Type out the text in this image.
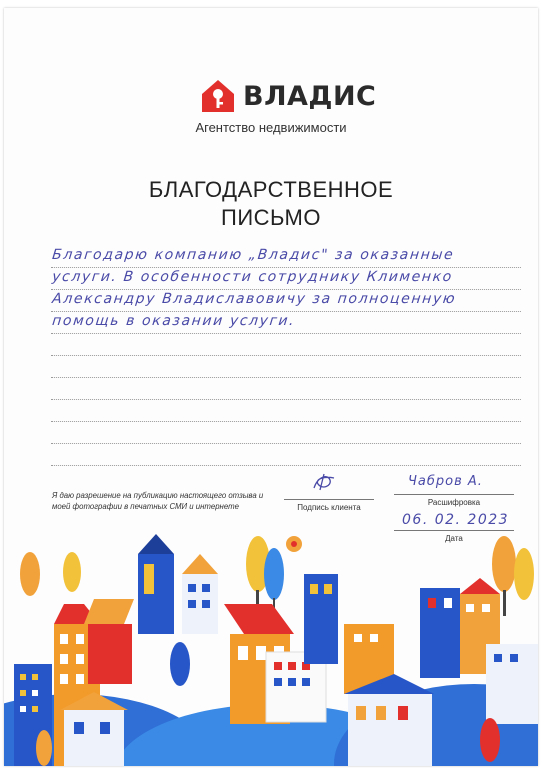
ВЛАДИС
Агентство недвижимости
БЛАГОДАРСТВЕННОЕ
ПИСЬМО
Благодарю компанию „Владис" за оказанные
услуги. В особенности сотруднику Клименко
Александру Владиславовичу за полноценную
помощь в оказании услуги.
Я даю разрешение на публикацию настоящего отзыва и моей фотографии в печатных СМИ и интернете	Подпись клиента
Чабров А.
Расшифровка
06. 02. 2023
Дата
